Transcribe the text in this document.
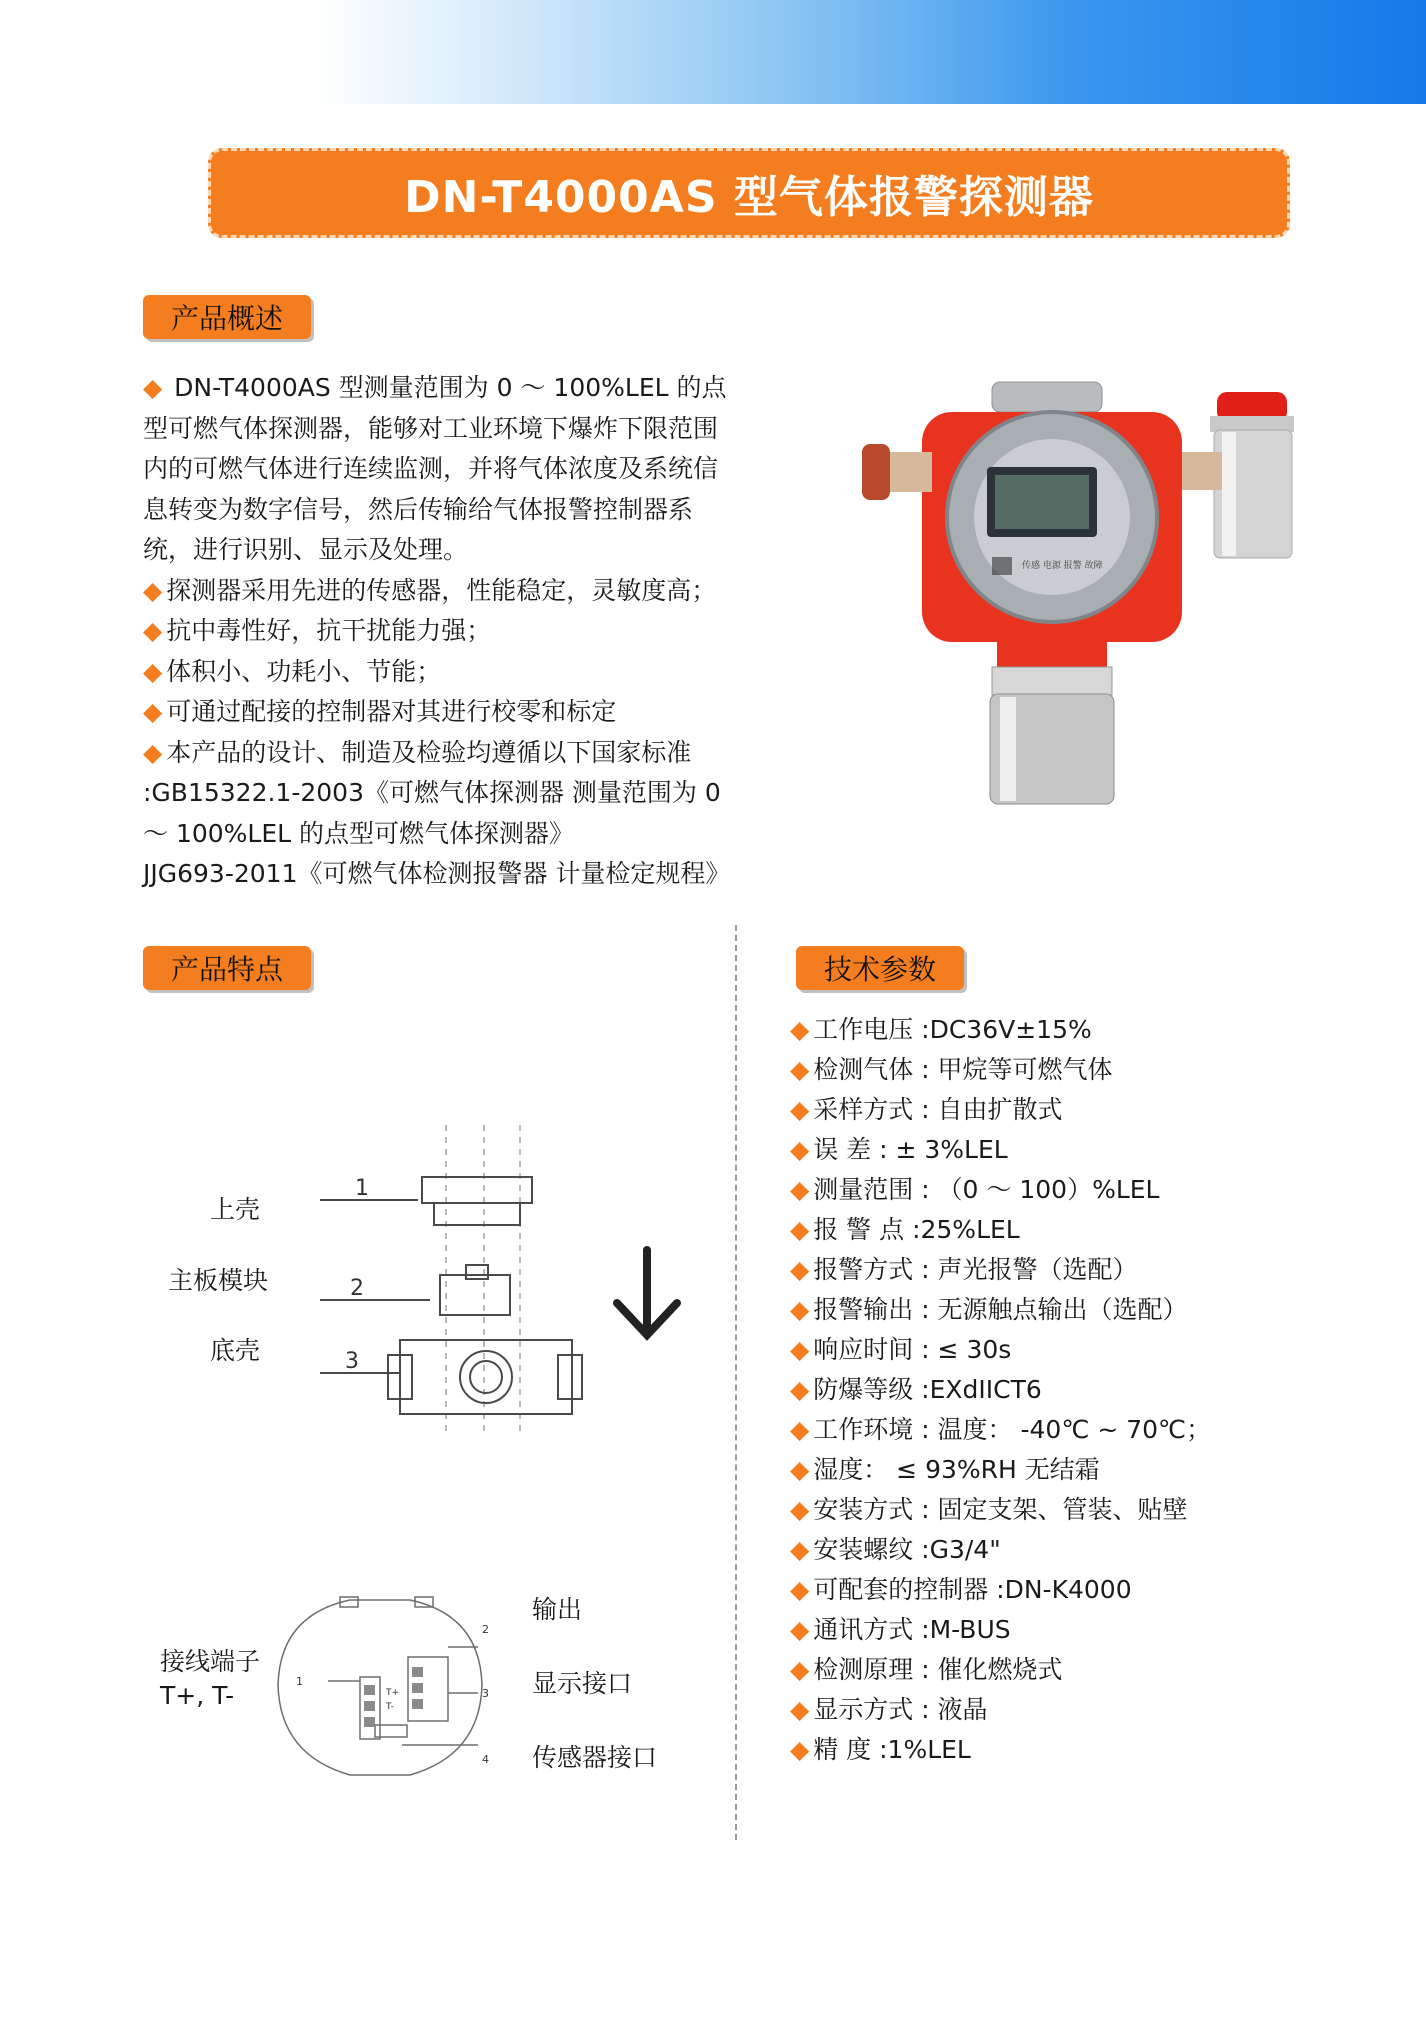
DN-T4000AS 型气体报警探测器
产品概述

◆ DN-T4000AS 型测量范围为 0 ～ 100%LEL 的点型可燃气体探测器，能够对工业环境下爆炸下限范围内的可燃气体进行连续监测，并将气体浓度及系统信息转变为数字信号，然后传输给气体报警控制器系统，进行识别、显示及处理。

◆ 探测器采用先进的传感器，性能稳定，灵敏度高；

◆ 抗中毒性好，抗干扰能力强；

◆ 体积小、功耗小、节能；

◆ 可通过配接的控制器对其进行校零和标定

◆ 本产品的设计、制造及检验均遵循以下国家标准 :GB15322.1-2003《可燃气体探测器 测量范围为 0 ～ 100%LEL 的点型可燃气体探测器》

JJG693-2011《可燃气体检测报警器 计量检定规程》

传感 电源 报警 故障
产品特点	技术参数
上壳
主板模块
底壳
1
2
3
接线端子
T+, T-
输出
显示接口
传感器接口
1
2
3
4
T+
T-
◆ 工作电压 :DC36V±15%
◆ 检测气体 : 甲烷等可燃气体
◆ 采样方式 : 自由扩散式
◆ 误 差 : ± 3%LEL
◆ 测量范围 : （0 ～ 100）%LEL
◆ 报 警 点 :25%LEL
◆ 报警方式 : 声光报警（选配）
◆ 报警输出 : 无源触点输出（选配）
◆ 响应时间 : ≤ 30s
◆ 防爆等级 :EXdIICT6
◆ 工作环境 : 温度： -40℃ ~ 70℃；
◆ 湿度： ≤ 93%RH 无结霜
◆ 安装方式 : 固定支架、管装、贴壁
◆ 安装螺纹 :G3/4"
◆ 可配套的控制器 :DN-K4000
◆ 通讯方式 :M-BUS
◆ 检测原理 : 催化燃烧式
◆ 显示方式 : 液晶
◆ 精 度 :1%LEL
